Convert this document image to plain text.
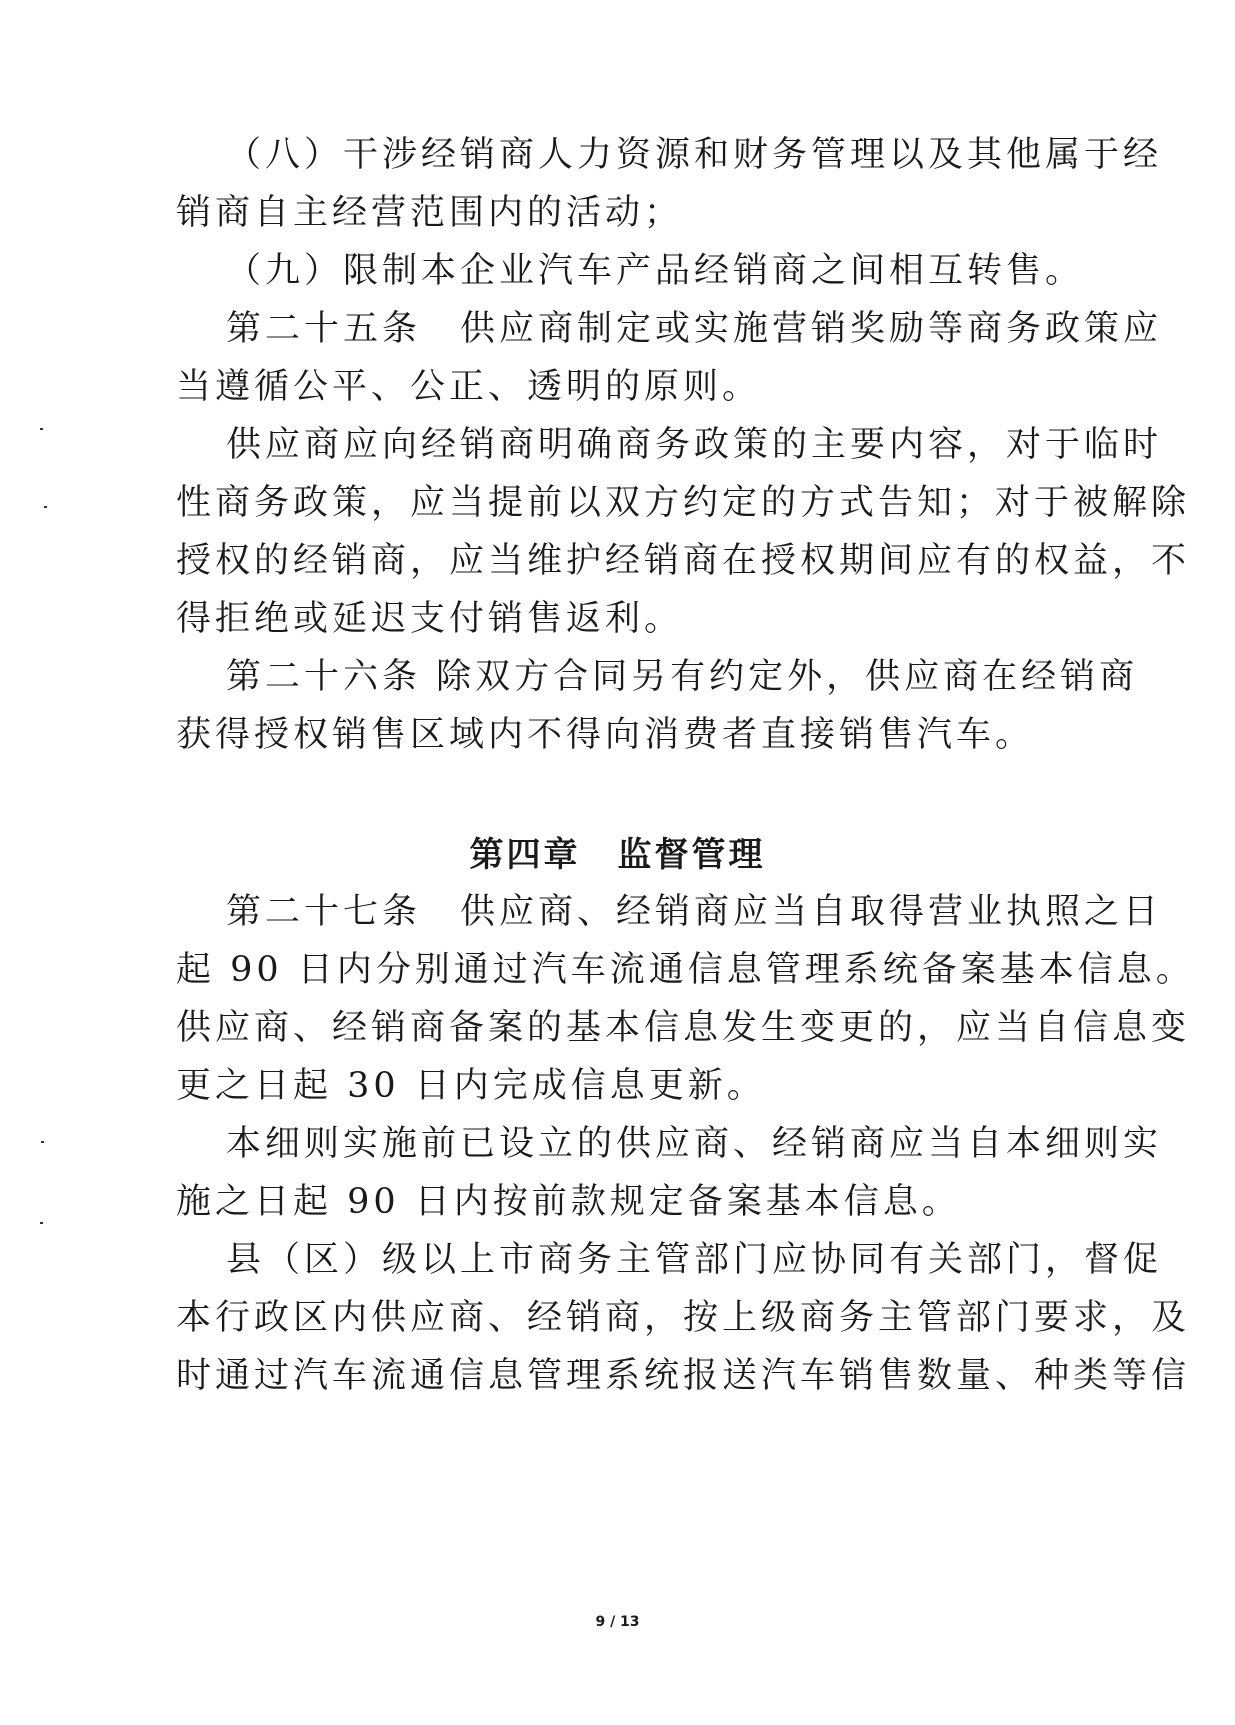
（八）干涉经销商人力资源和财务管理以及其他属于经
销商自主经营范围内的活动；
（九）限制本企业汽车产品经销商之间相互转售。
第二十五条　供应商制定或实施营销奖励等商务政策应
当遵循公平、公正、透明的原则。
供应商应向经销商明确商务政策的主要内容，对于临时
性商务政策，应当提前以双方约定的方式告知；对于被解除
授权的经销商，应当维护经销商在授权期间应有的权益，不
得拒绝或延迟支付销售返利。
第二十六条 除双方合同另有约定外，供应商在经销商
获得授权销售区域内不得向消费者直接销售汽车。
第四章　监督管理
第二十七条　供应商、经销商应当自取得营业执照之日
起 90 日内分别通过汽车流通信息管理系统备案基本信息。
供应商、经销商备案的基本信息发生变更的，应当自信息变
更之日起 30 日内完成信息更新。
本细则实施前已设立的供应商、经销商应当自本细则实
施之日起 90 日内按前款规定备案基本信息。
县（区）级以上市商务主管部门应协同有关部门，督促
本行政区内供应商、经销商，按上级商务主管部门要求，及
时通过汽车流通信息管理系统报送汽车销售数量、种类等信
9 / 13
